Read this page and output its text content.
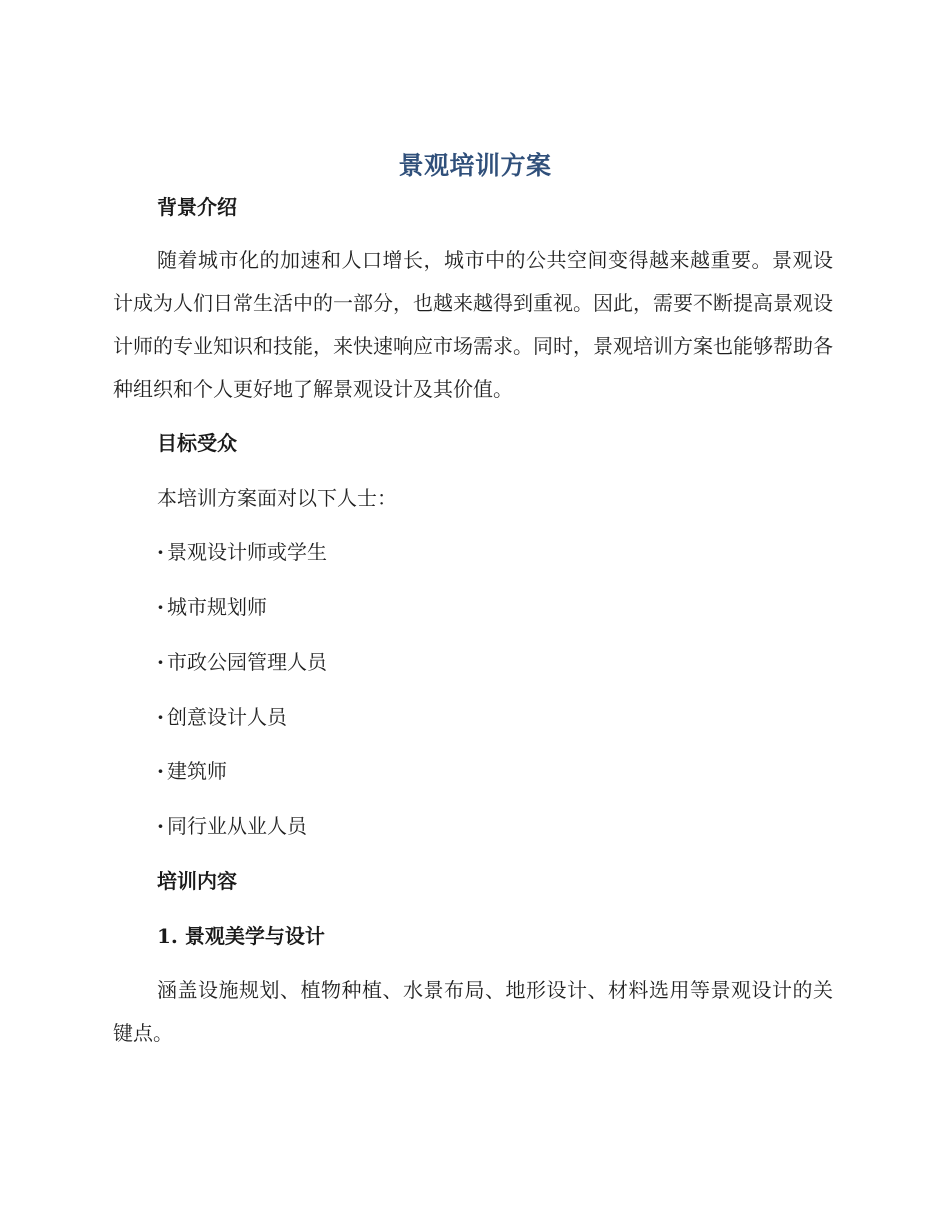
景观培训方案
背景介绍
随着城市化的加速和人口增长，城市中的公共空间变得越来越重要。景观设计成为人们日常生活中的一部分，也越来越得到重视。因此，需要不断提高景观设计师的专业知识和技能，来快速响应市场需求。同时，景观培训方案也能够帮助各种组织和个人更好地了解景观设计及其价值。
目标受众
本培训方案面对以下人士：
· 景观设计师或学生
· 城市规划师
· 市政公园管理人员
· 创意设计人员
· 建筑师
· 同行业从业人员
培训内容
1. 景观美学与设计
涵盖设施规划、植物种植、水景布局、地形设计、材料选用等景观设计的关键点。
